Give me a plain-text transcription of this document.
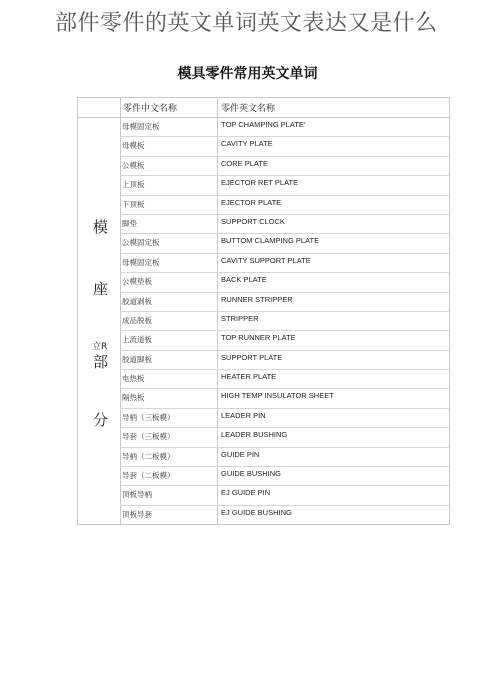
部件零件的英文单词英文表达又是什么
模具零件常用英文单词
零件中文名称	零件英文名称
模
座
立R
部
分
母模固定板	TOP CHAMPING PLATE'
母模板	CAVITY PLATE
公模板	CORE PLATE
上顶板	EJECTOR RET PLATE
下顶板	EJECTOR PLATE
脚垫	SUPPORT CLOCK
公模固定板	BUTTOM CLAMPING PLATE
母模固定板	CAVITY SUPPORT PLATE
公模垫板	BACK PLATE
胶道剥板	RUNNER STRIPPER
成品脱板	STRIPPER
上流道板	TOP RUNNER PLATE
胶道脚板	SUPPORT PLATE
电热板	HEATER PLATE
隔热板	HIGH TEMP INSULATOR SHEET
导柄（三板模）	LEADER PIN
导套（三板模）	LEADER BUSHING
导柄（二板模）	GUIDE PIN
导套（二板模）	GUIDE BUSHING
顶板导柄	EJ GUIDE PIN
顶板导套	EJ GUIDE BUSHING
